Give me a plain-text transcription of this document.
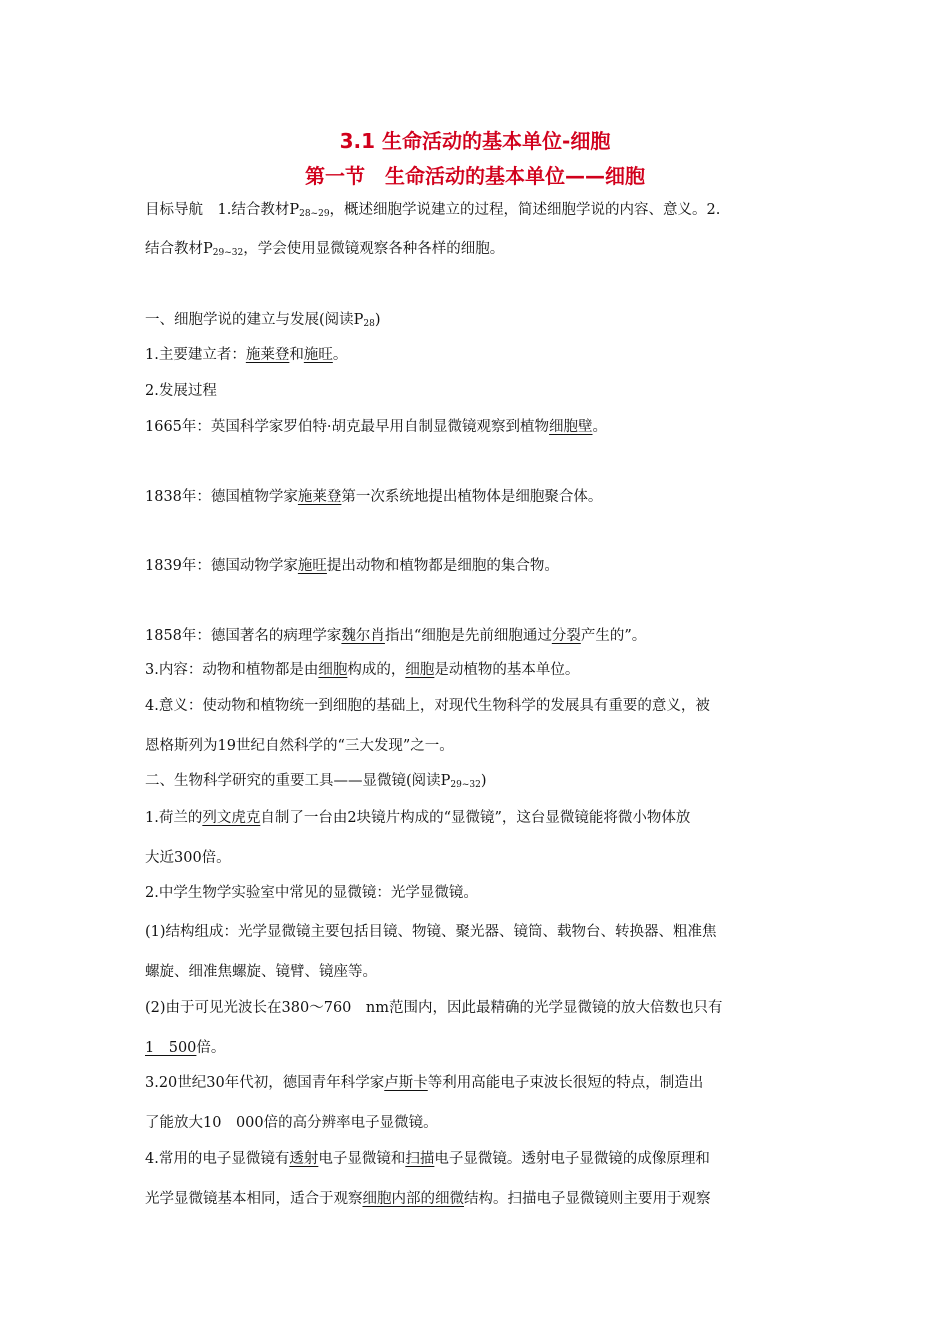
3.1 生命活动的基本单位-细胞
第一节　生命活动的基本单位——细胞
目标导航　1.结合教材$P_{28\sim 29}$，概述细胞学说建立的过程，简述细胞学说的内容、意义。2.
结合教材$P_{29\sim 32}$，学会使用显微镜观察各种各样的细胞。
一、细胞学说的建立与发展(阅读$P_{28}$)
1.主要建立者：施莱登和施旺。
2.发展过程
1665年：英国科学家罗伯特·胡克最早用自制显微镜观察到植物细胞壁。
1838年：德国植物学家施莱登第一次系统地提出植物体是细胞聚合体。
1839年：德国动物学家施旺提出动物和植物都是细胞的集合物。
1858年：德国著名的病理学家魏尔肖指出“细胞是先前细胞通过分裂产生的”。
3.内容：动物和植物都是由细胞构成的，细胞是动植物的基本单位。
4.意义：使动物和植物统一到细胞的基础上，对现代生物科学的发展具有重要的意义，被
恩格斯列为19世纪自然科学的“三大发现”之一。
二、生物科学研究的重要工具——显微镜(阅读$P_{29\sim 32}$)
1.荷兰的列文虎克自制了一台由2块镜片构成的“显微镜”，这台显微镜能将微小物体放
大近300倍。
2.中学生物学实验室中常见的显微镜：光学显微镜。
(1)结构组成：光学显微镜主要包括目镜、物镜、聚光器、镜筒、载物台、转换器、粗准焦
螺旋、细准焦螺旋、镜臂、镜座等。
(2)由于可见光波长在380～760　nm范围内，因此最精确的光学显微镜的放大倍数也只有
1　500倍。
3.20世纪30年代初，德国青年科学家卢斯卡等利用高能电子束波长很短的特点，制造出
了能放大10　000倍的高分辨率电子显微镜。
4.常用的电子显微镜有透射电子显微镜和扫描电子显微镜。透射电子显微镜的成像原理和
光学显微镜基本相同，适合于观察细胞内部的细微结构。扫描电子显微镜则主要用于观察
